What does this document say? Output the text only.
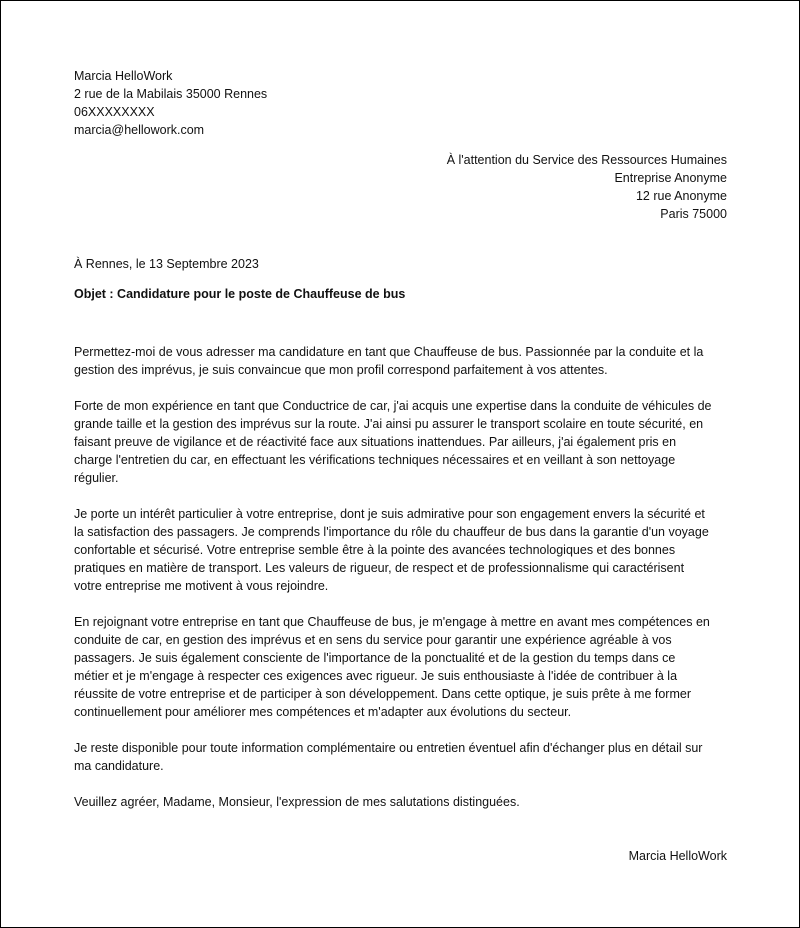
Marcia HelloWork
2 rue de la Mabilais 35000 Rennes
06XXXXXXXX
marcia@hellowork.com
À l'attention du Service des Ressources Humaines
Entreprise Anonyme
12 rue Anonyme
Paris 75000
À Rennes, le 13 Septembre 2023
Objet : Candidature pour le poste de Chauffeuse de bus

Permettez-moi de vous adresser ma candidature en tant que Chauffeuse de bus. Passionnée par la conduite et la
gestion des imprévus, je suis convaincue que mon profil correspond parfaitement à vos attentes.

Forte de mon expérience en tant que Conductrice de car, j'ai acquis une expertise dans la conduite de véhicules de
grande taille et la gestion des imprévus sur la route. J'ai ainsi pu assurer le transport scolaire en toute sécurité, en
faisant preuve de vigilance et de réactivité face aux situations inattendues. Par ailleurs, j'ai également pris en
charge l'entretien du car, en effectuant les vérifications techniques nécessaires et en veillant à son nettoyage
régulier.

Je porte un intérêt particulier à votre entreprise, dont je suis admirative pour son engagement envers la sécurité et
la satisfaction des passagers. Je comprends l'importance du rôle du chauffeur de bus dans la garantie d'un voyage
confortable et sécurisé. Votre entreprise semble être à la pointe des avancées technologiques et des bonnes
pratiques en matière de transport. Les valeurs de rigueur, de respect et de professionnalisme qui caractérisent
votre entreprise me motivent à vous rejoindre.

En rejoignant votre entreprise en tant que Chauffeuse de bus, je m'engage à mettre en avant mes compétences en
conduite de car, en gestion des imprévus et en sens du service pour garantir une expérience agréable à vos
passagers. Je suis également consciente de l'importance de la ponctualité et de la gestion du temps dans ce
métier et je m'engage à respecter ces exigences avec rigueur. Je suis enthousiaste à l'idée de contribuer à la
réussite de votre entreprise et de participer à son développement. Dans cette optique, je suis prête à me former
continuellement pour améliorer mes compétences et m'adapter aux évolutions du secteur.

Je reste disponible pour toute information complémentaire ou entretien éventuel afin d'échanger plus en détail sur
ma candidature.

Veuillez agréer, Madame, Monsieur, l'expression de mes salutations distinguées.

Marcia HelloWork
